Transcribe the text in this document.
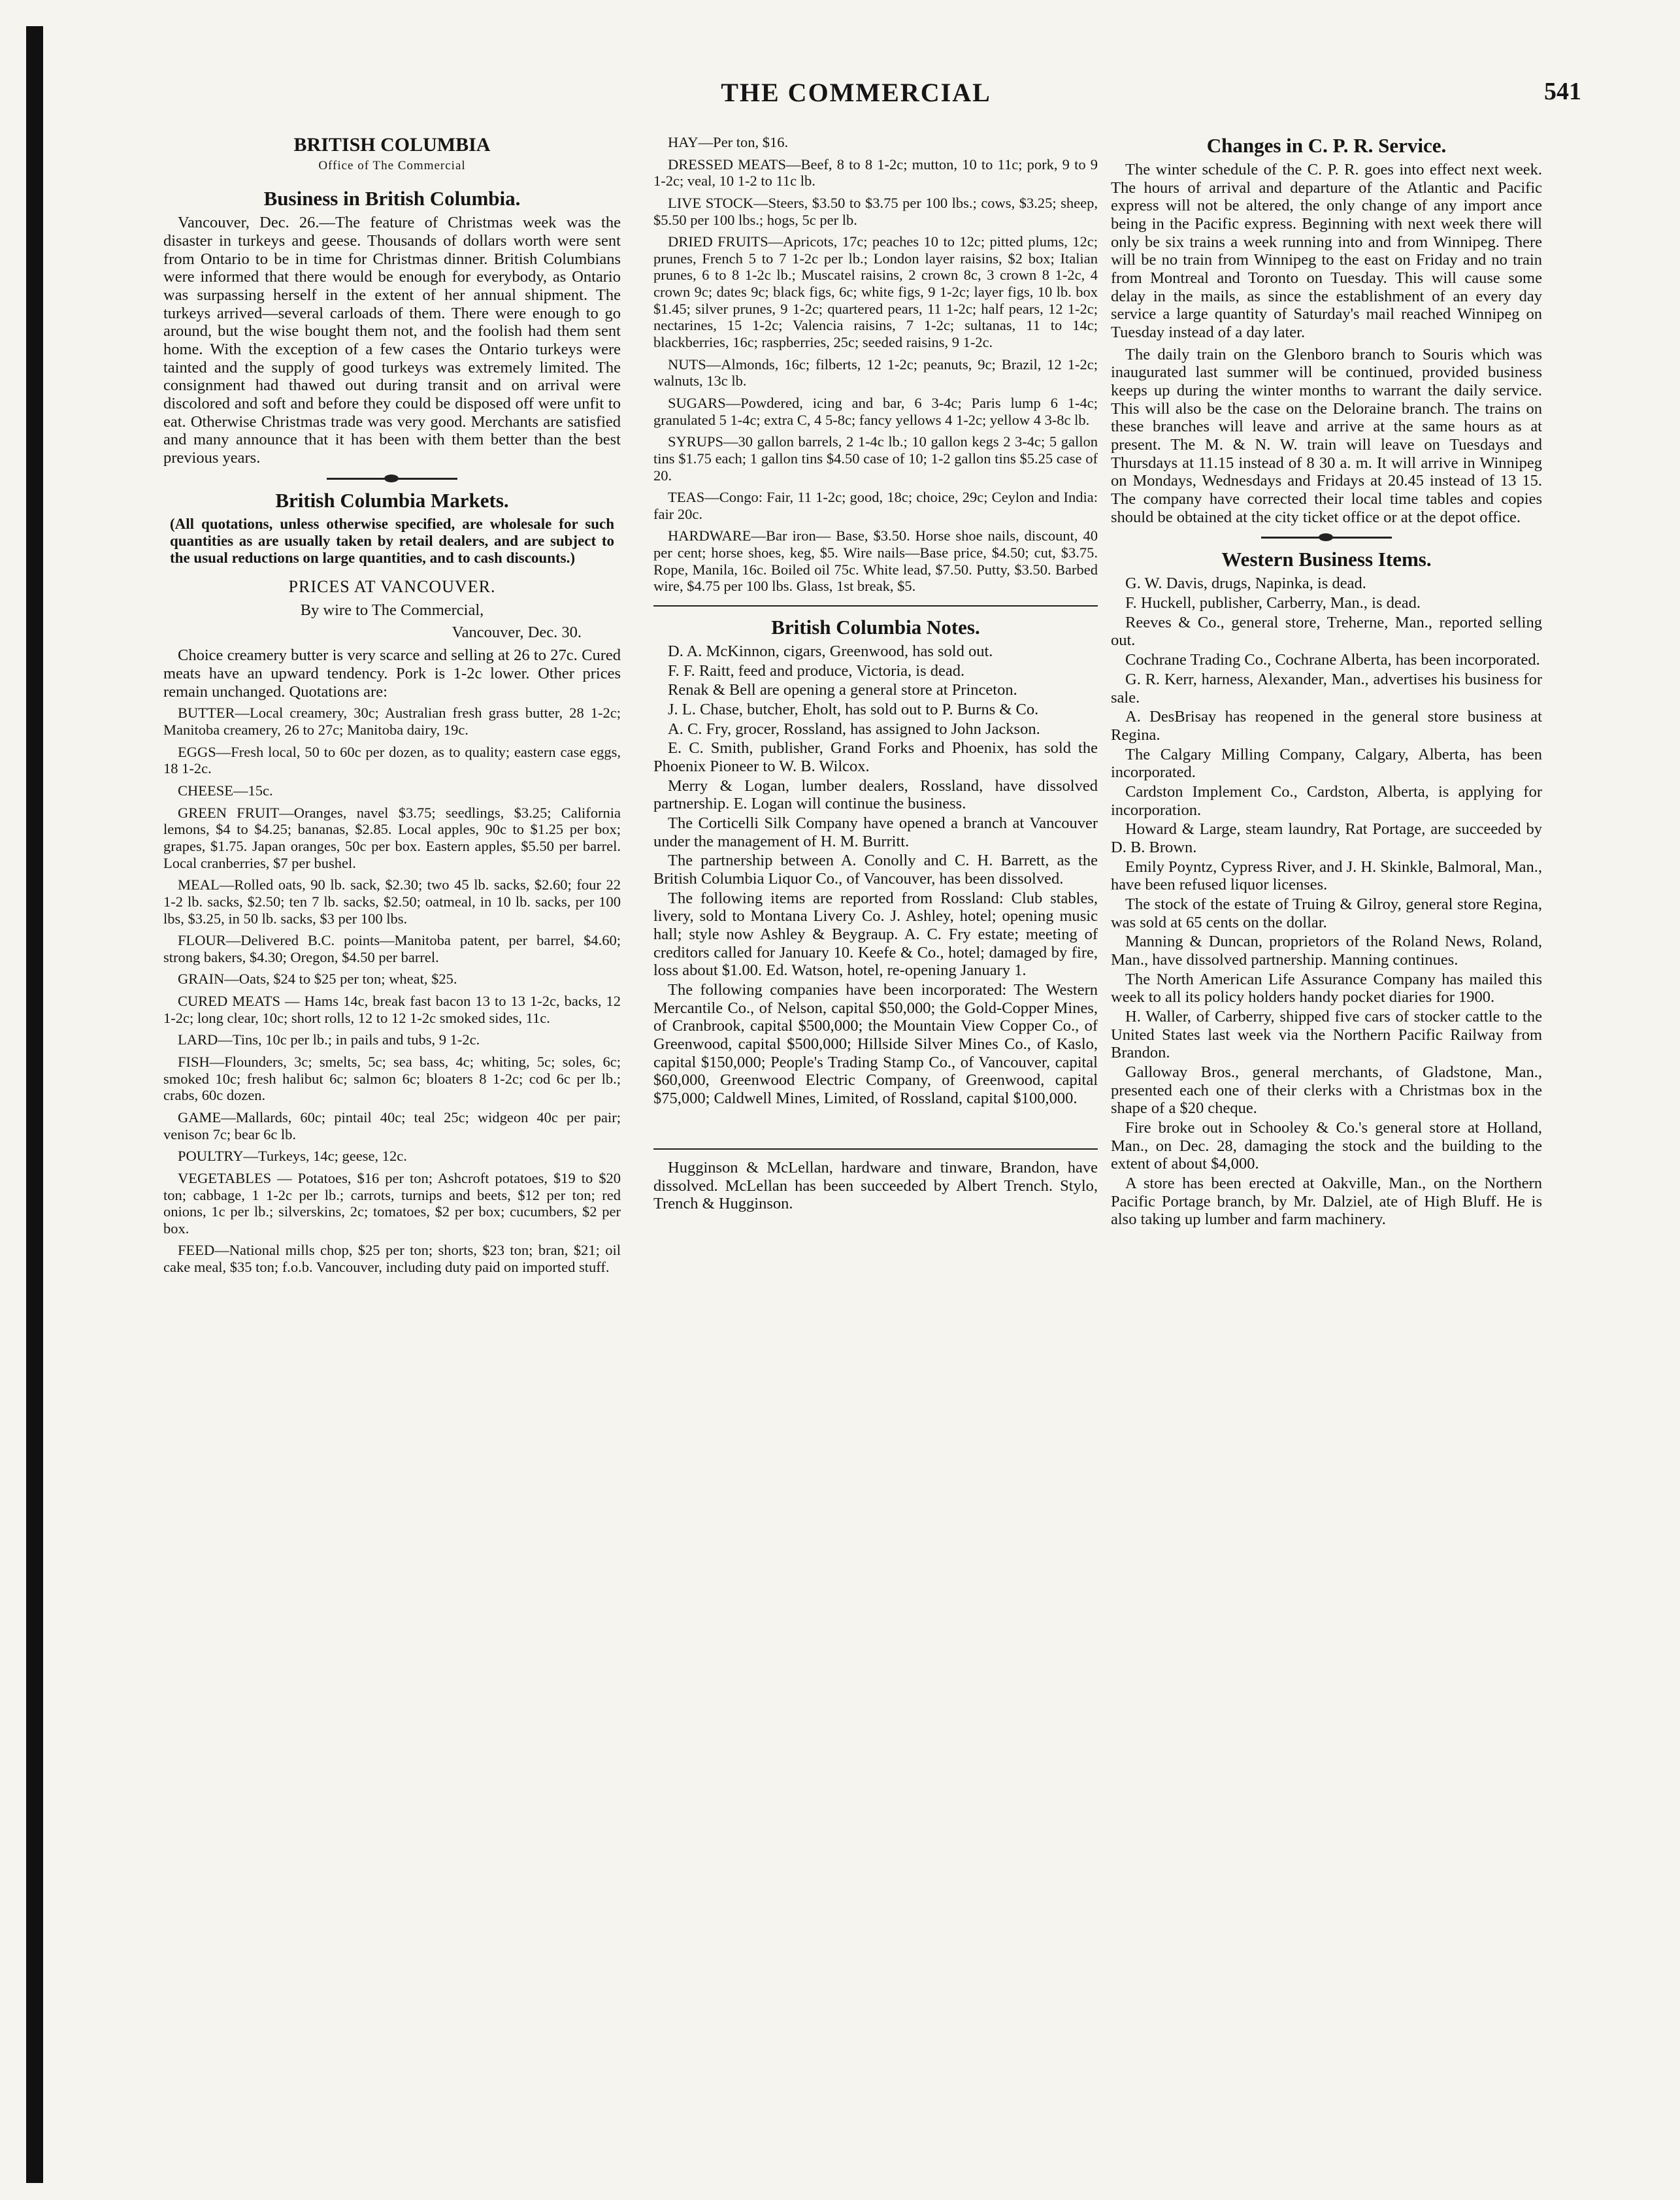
THE COMMERCIAL	541
BRITISH COLUMBIA
Office of The Commercial
Business in British Columbia.

Vancouver, Dec. 26.—The feature of Christmas week was the disaster in turkeys and geese. Thousands of dollars worth were sent from Ontario to be in time for Christmas dinner. British Columbians were informed that there would be enough for everybody, as Ontario was surpassing herself in the extent of her annual shipment. The turkeys arrived—several carloads of them. There were enough to go around, but the wise bought them not, and the foolish had them sent home. With the exception of a few cases the Ontario turkeys were tainted and the supply of good turkeys was extremely limited. The consignment had thawed out during transit and on arrival were discolored and soft and before they could be disposed off were unfit to eat. Otherwise Christmas trade was very good. Merchants are satisfied and many announce that it has been with them better than the best previous years.

British Columbia Markets.
(All quotations, unless otherwise specified, are wholesale for such quantities as are usually taken by retail dealers, and are subject to the usual reductions on large quantities, and to cash discounts.)
PRICES AT VANCOUVER.
By wire to The Commercial,
Vancouver, Dec. 30.

Choice creamery butter is very scarce and selling at 26 to 27c. Cured meats have an upward tendency. Pork is 1-2c lower. Other prices remain unchanged. Quotations are:

BUTTER—Local creamery, 30c; Australian fresh grass butter, 28 1-2c; Manitoba creamery, 26 to 27c; Manitoba dairy, 19c.
EGGS—Fresh local, 50 to 60c per dozen, as to quality; eastern case eggs, 18 1-2c.
CHEESE—15c.
GREEN FRUIT—Oranges, navel $3.75; seedlings, $3.25; California lemons, $4 to $4.25; bananas, $2.85. Local apples, 90c to $1.25 per box; grapes, $1.75. Japan oranges, 50c per box. Eastern apples, $5.50 per barrel. Local cranberries, $7 per bushel.
MEAL—Rolled oats, 90 lb. sack, $2.30; two 45 lb. sacks, $2.60; four 22 1-2 lb. sacks, $2.50; ten 7 lb. sacks, $2.50; oatmeal, in 10 lb. sacks, per 100 lbs, $3.25, in 50 lb. sacks, $3 per 100 lbs.
FLOUR—Delivered B.C. points—Manitoba patent, per barrel, $4.60; strong bakers, $4.30; Oregon, $4.50 per barrel.
GRAIN—Oats, $24 to $25 per ton; wheat, $25.
CURED MEATS — Hams 14c, break fast bacon 13 to 13 1-2c, backs, 12 1-2c; long clear, 10c; short rolls, 12 to 12 1-2c smoked sides, 11c.
LARD—Tins, 10c per lb.; in pails and tubs, 9 1-2c.
FISH—Flounders, 3c; smelts, 5c; sea bass, 4c; whiting, 5c; soles, 6c; smoked 10c; fresh halibut 6c; salmon 6c; bloaters 8 1-2c; cod 6c per lb.; crabs, 60c dozen.
GAME—Mallards, 60c; pintail 40c; teal 25c; widgeon 40c per pair; venison 7c; bear 6c lb.
POULTRY—Turkeys, 14c; geese, 12c.
VEGETABLES — Potatoes, $16 per ton; Ashcroft potatoes, $19 to $20 ton; cabbage, 1 1-2c per lb.; carrots, turnips and beets, $12 per ton; red onions, 1c per lb.; silverskins, 2c; tomatoes, $2 per box; cucumbers, $2 per box.
FEED—National mills chop, $25 per ton; shorts, $23 ton; bran, $21; oil cake meal, $35 ton; f.o.b. Vancouver, including duty paid on imported stuff.
HAY—Per ton, $16.
DRESSED MEATS—Beef, 8 to 8 1-2c; mutton, 10 to 11c; pork, 9 to 9 1-2c; veal, 10 1-2 to 11c lb.
LIVE STOCK—Steers, $3.50 to $3.75 per 100 lbs.; cows, $3.25; sheep, $5.50 per 100 lbs.; hogs, 5c per lb.
DRIED FRUITS—Apricots, 17c; peaches 10 to 12c; pitted plums, 12c; prunes, French 5 to 7 1-2c per lb.; London layer raisins, $2 box; Italian prunes, 6 to 8 1-2c lb.; Muscatel raisins, 2 crown 8c, 3 crown 8 1-2c, 4 crown 9c; dates 9c; black figs, 6c; white figs, 9 1-2c; layer figs, 10 lb. box $1.45; silver prunes, 9 1-2c; quartered pears, 11 1-2c; half pears, 12 1-2c; nectarines, 15 1-2c; Valencia raisins, 7 1-2c; sultanas, 11 to 14c; blackberries, 16c; raspberries, 25c; seeded raisins, 9 1-2c.
NUTS—Almonds, 16c; filberts, 12 1-2c; peanuts, 9c; Brazil, 12 1-2c; walnuts, 13c lb.
SUGARS—Powdered, icing and bar, 6 3-4c; Paris lump 6 1-4c; granulated 5 1-4c; extra C, 4 5-8c; fancy yellows 4 1-2c; yellow 4 3-8c lb.
SYRUPS—30 gallon barrels, 2 1-4c lb.; 10 gallon kegs 2 3-4c; 5 gallon tins $1.75 each; 1 gallon tins $4.50 case of 10; 1-2 gallon tins $5.25 case of 20.
TEAS—Congo: Fair, 11 1-2c; good, 18c; choice, 29c; Ceylon and India: fair 20c.
HARDWARE—Bar iron— Base, $3.50. Horse shoe nails, discount, 40 per cent; horse shoes, keg, $5. Wire nails—Base price, $4.50; cut, $3.75. Rope, Manila, 16c. Boiled oil 75c. White lead, $7.50. Putty, $3.50. Barbed wire, $4.75 per 100 lbs. Glass, 1st break, $5.
British Columbia Notes.

D. A. McKinnon, cigars, Greenwood, has sold out.

F. F. Raitt, feed and produce, Victoria, is dead.

Renak & Bell are opening a general store at Princeton.

J. L. Chase, butcher, Eholt, has sold out to P. Burns & Co.

A. C. Fry, grocer, Rossland, has assigned to John Jackson.

E. C. Smith, publisher, Grand Forks and Phoenix, has sold the Phoenix Pioneer to W. B. Wilcox.

Merry & Logan, lumber dealers, Rossland, have dissolved partnership. E. Logan will continue the business.

The Corticelli Silk Company have opened a branch at Vancouver under the management of H. M. Burritt.

The partnership between A. Conolly and C. H. Barrett, as the British Columbia Liquor Co., of Vancouver, has been dissolved.

The following items are reported from Rossland: Club stables, livery, sold to Montana Livery Co. J. Ashley, hotel; opening music hall; style now Ashley & Beygraup. A. C. Fry estate; meeting of creditors called for January 10. Keefe & Co., hotel; damaged by fire, loss about $1.00. Ed. Watson, hotel, re-opening January 1.

The following companies have been incorporated: The Western Mercantile Co., of Nelson, capital $50,000; the Gold-Copper Mines, of Cranbrook, capital $500,000; the Mountain View Copper Co., of Greenwood, capital $500,000; Hillside Silver Mines Co., of Kaslo, capital $150,000; People's Trading Stamp Co., of Vancouver, capital $60,000, Greenwood Electric Company, of Greenwood, capital $75,000; Caldwell Mines, Limited, of Rossland, capital $100,000.

Hugginson & McLellan, hardware and tinware, Brandon, have dissolved. McLellan has been succeeded by Albert Trench. Stylo, Trench & Hugginson.

Changes in C. P. R. Service.

The winter schedule of the C. P. R. goes into effect next week. The hours of arrival and departure of the Atlantic and Pacific express will not be altered, the only change of any import ance being in the Pacific express. Beginning with next week there will only be six trains a week running into and from Winnipeg. There will be no train from Winnipeg to the east on Friday and no train from Montreal and Toronto on Tuesday. This will cause some delay in the mails, as since the establishment of an every day service a large quantity of Saturday's mail reached Winnipeg on Tuesday instead of a day later.

The daily train on the Glenboro branch to Souris which was inaugurated last summer will be continued, provided business keeps up during the winter months to warrant the daily service. This will also be the case on the Deloraine branch. The trains on these branches will leave and arrive at the same hours as at present. The M. & N. W. train will leave on Tuesdays and Thursdays at 11.15 instead of 8 30 a. m. It will arrive in Winnipeg on Mondays, Wednesdays and Fridays at 20.45 instead of 13 15. The company have corrected their local time tables and copies should be obtained at the city ticket office or at the depot office.

Western Business Items.

G. W. Davis, drugs, Napinka, is dead.

F. Huckell, publisher, Carberry, Man., is dead.

Reeves & Co., general store, Treherne, Man., reported selling out.

Cochrane Trading Co., Cochrane Alberta, has been incorporated.

G. R. Kerr, harness, Alexander, Man., advertises his business for sale.

A. DesBrisay has reopened in the general store business at Regina.

The Calgary Milling Company, Calgary, Alberta, has been incorporated.

Cardston Implement Co., Cardston, Alberta, is applying for incorporation.

Howard & Large, steam laundry, Rat Portage, are succeeded by D. B. Brown.

Emily Poyntz, Cypress River, and J. H. Skinkle, Balmoral, Man., have been refused liquor licenses.

The stock of the estate of Truing & Gilroy, general store Regina, was sold at 65 cents on the dollar.

Manning & Duncan, proprietors of the Roland News, Roland, Man., have dissolved partnership. Manning continues.

The North American Life Assurance Company has mailed this week to all its policy holders handy pocket diaries for 1900.

H. Waller, of Carberry, shipped five cars of stocker cattle to the United States last week via the Northern Pacific Railway from Brandon.

Galloway Bros., general merchants, of Gladstone, Man., presented each one of their clerks with a Christmas box in the shape of a $20 cheque.

Fire broke out in Schooley & Co.'s general store at Holland, Man., on Dec. 28, damaging the stock and the building to the extent of about $4,000.

A store has been erected at Oakville, Man., on the Northern Pacific Portage branch, by Mr. Dalziel, ate of High Bluff. He is also taking up lumber and farm machinery.
